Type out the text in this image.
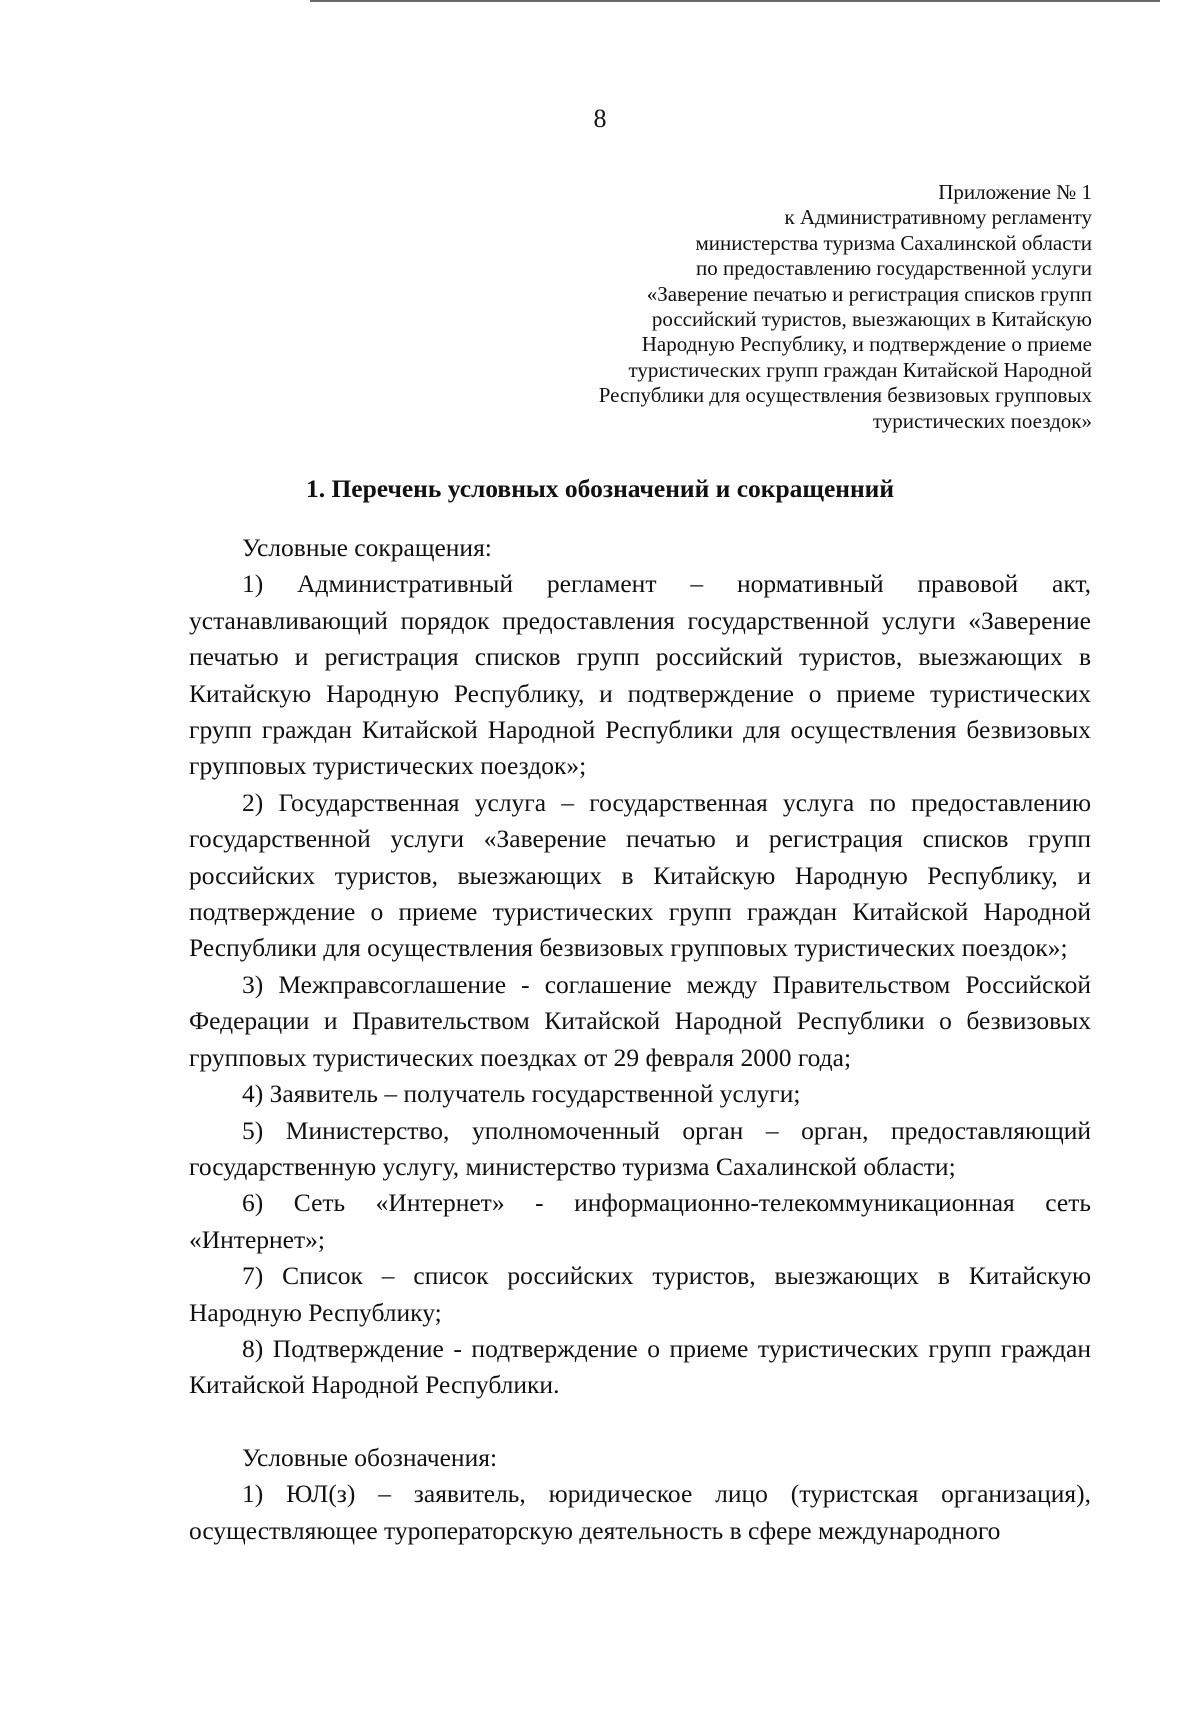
8
Приложение № 1
к Административному регламенту
министерства туризма Сахалинской области
по предоставлению государственной услуги
«Заверение печатью и регистрация списков групп
российский туристов, выезжающих в Китайскую
Народную Республику, и подтверждение о приеме
туристических групп граждан Китайской Народной
Республики для осуществления безвизовых групповых
туристических поездок»
1. Перечень условных обозначений и сокращенний

Условные сокращения:

1) Административный регламент – нормативный правовой акт, устанавливающий порядок предоставления государственной услуги «Заверение печатью и регистрация списков групп российский туристов, выезжающих в Китайскую Народную Республику, и подтверждение о приеме туристических групп граждан Китайской Народной Республики для осуществления безвизовых групповых туристических поездок»;

2) Государственная услуга – государственная услуга по предоставлению государственной услуги «Заверение печатью и регистрация списков групп российских туристов, выезжающих в Китайскую Народную Республику, и подтверждение о приеме туристических групп граждан Китайской Народной Республики для осуществления безвизовых групповых туристических поездок»;

3) Межправсоглашение - соглашение между Правительством Российской Федерации и Правительством Китайской Народной Республики о безвизовых групповых туристических поездках от 29 февраля 2000 года;

4) Заявитель – получатель государственной услуги;

5) Министерство, уполномоченный орган – орган, предоставляющий государственную услугу, министерство туризма Сахалинской области;

6) Сеть «Интернет» - информационно-телекоммуникационная сеть «Интернет»;

7) Список – список российских туристов, выезжающих в Китайскую Народную Республику;

8) Подтверждение - подтверждение о приеме туристических групп граждан Китайской Народной Республики.

Условные обозначения:

1) ЮЛ(з) – заявитель, юридическое лицо (туристская организация), осуществляющее туроператорскую деятельность в сфере международного
